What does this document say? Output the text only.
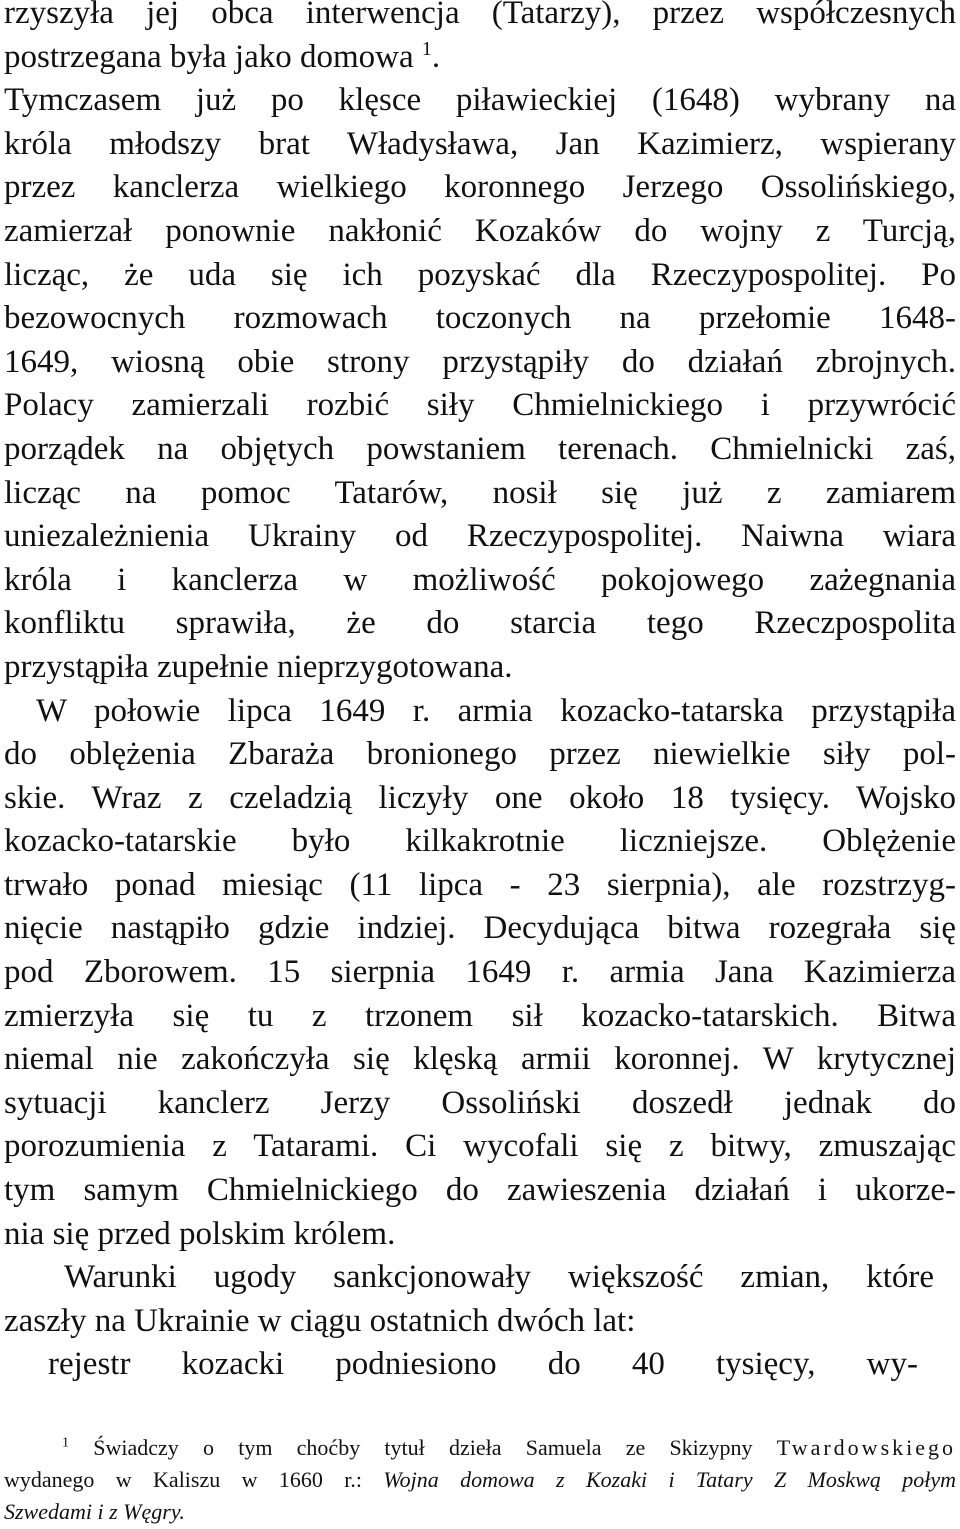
rzyszyła jej obca interwencja (Tatarzy), przez współczesnych
postrzegana była jako domowa $^1$.
Tymczasem już po klęsce piławieckiej (1648) wybrany na
króla młodszy brat Władysława, Jan Kazimierz, wspierany
przez kanclerza wielkiego koronnego Jerzego Ossolińskiego,
zamierzał ponownie nakłonić Kozaków do wojny z Turcją,
licząc, że uda się ich pozyskać dla Rzeczypospolitej. Po
bezowocnych rozmowach toczonych na przełomie 1648-
1649, wiosną obie strony przystąpiły do działań zbrojnych.
Polacy zamierzali rozbić siły Chmielnickiego i przywrócić
porządek na objętych powstaniem terenach. Chmielnicki zaś,
licząc na pomoc Tatarów, nosił się już z zamiarem
uniezależnienia Ukrainy od Rzeczypospolitej. Naiwna wiara
króla i kanclerza w możliwość pokojowego zażegnania
konfliktu sprawiła, że do starcia tego Rzeczpospolita
przystąpiła zupełnie nieprzygotowana.
W połowie lipca 1649 r. armia kozacko-tatarska przystąpiła
do oblężenia Zbaraża bronionego przez niewielkie siły pol-
skie. Wraz z czeladzią liczyły one około 18 tysięcy. Wojsko
kozacko-tatarskie było kilkakrotnie liczniejsze. Oblężenie
trwało ponad miesiąc (11 lipca - 23 sierpnia), ale rozstrzyg-
nięcie nastąpiło gdzie indziej. Decydująca bitwa rozegrała się
pod Zborowem. 15 sierpnia 1649 r. armia Jana Kazimierza
zmierzyła się tu z trzonem sił kozacko-tatarskich. Bitwa
niemal nie zakończyła się klęską armii koronnej. W krytycznej
sytuacji kanclerz Jerzy Ossoliński doszedł jednak do
porozumienia z Tatarami. Ci wycofali się z bitwy, zmuszając
tym samym Chmielnickiego do zawieszenia działań i ukorze-
nia się przed polskim królem.
Warunki ugody sankcjonowały większość zmian, które
zaszły na Ukrainie w ciągu ostatnich dwóch lat:
rejestr kozacki podniesiono do 40 tysięcy, wy-
$^1$ Świadczy o tym choćby tytuł dzieła Samuela ze Skizypny Twardowskiego
wydanego w Kaliszu w 1660 r.: Wojna domowa z Kozaki i Tatary Z Moskwą połym
Szwedami i z Węgry.
